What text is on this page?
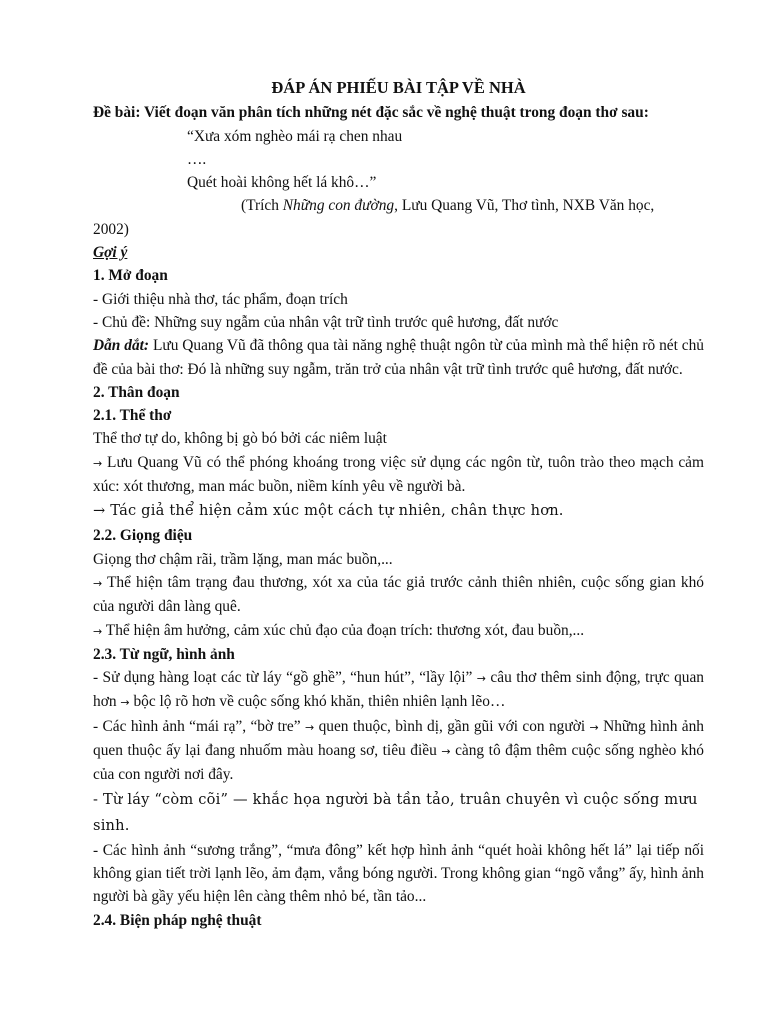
ĐÁP ÁN PHIẾU BÀI TẬP VỀ NHÀ

Đề bài: Viết đoạn văn phân tích những nét đặc sắc về nghệ thuật trong đoạn thơ sau:

“Xưa xóm nghèo mái rạ chen nhau

….

Quét hoài không hết lá khô…”

(Trích Những con đường, Lưu Quang Vũ, Thơ tình, NXB Văn học,

2002)

Gợi ý

1. Mở đoạn

- Giới thiệu nhà thơ, tác phẩm, đoạn trích

- Chủ đề: Những suy ngẫm của nhân vật trữ tình trước quê hương, đất nước

Dẫn dắt: Lưu Quang Vũ đã thông qua tài năng nghệ thuật ngôn từ của mình mà thể hiện rõ nét chủ đề của bài thơ: Đó là những suy ngẫm, trăn trở của nhân vật trữ tình trước quê hương, đất nước.

2. Thân đoạn

2.1. Thể thơ

Thể thơ tự do, không bị gò bó bởi các niêm luật

→ Lưu Quang Vũ có thể phóng khoáng trong việc sử dụng các ngôn từ, tuôn trào theo mạch cảm xúc: xót thương, man mác buồn, niềm kính yêu về người bà.

→ Tác giả thể hiện cảm xúc một cách tự nhiên, chân thực hơn.

2.2. Giọng điệu

Giọng thơ chậm rãi, trầm lặng, man mác buồn,...

→ Thể hiện tâm trạng đau thương, xót xa của tác giả trước cảnh thiên nhiên, cuộc sống gian khó của người dân làng quê.

→ Thể hiện âm hưởng, cảm xúc chủ đạo của đoạn trích: thương xót, đau buồn,...

2.3. Từ ngữ, hình ảnh

- Sử dụng hàng loạt các từ láy “gồ ghề”, “hun hút”, “lầy lội” → câu thơ thêm sinh động, trực quan hơn → bộc lộ rõ hơn về cuộc sống khó khăn, thiên nhiên lạnh lẽo…

- Các hình ảnh “mái rạ”, “bờ tre” → quen thuộc, bình dị, gần gũi với con người → Những hình ảnh quen thuộc ấy lại đang nhuốm màu hoang sơ, tiêu điều → càng tô đậm thêm cuộc sống nghèo khó của con người nơi đây.

- Từ láy “còm cõi” — khắc họa người bà tần tảo, truân chuyên vì cuộc sống mưu sinh.

- Các hình ảnh “sương trắng”, “mưa đông” kết hợp hình ảnh “quét hoài không hết lá” lại tiếp nối không gian tiết trời lạnh lẽo, ảm đạm, vắng bóng người. Trong không gian “ngõ vắng” ấy, hình ảnh người bà gầy yếu hiện lên càng thêm nhỏ bé, tần tảo...

2.4. Biện pháp nghệ thuật
